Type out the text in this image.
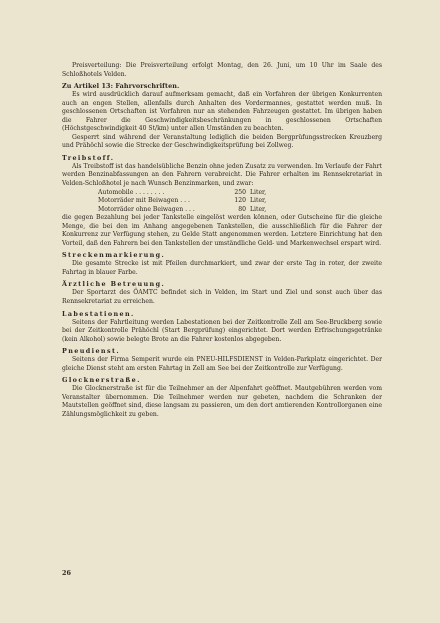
Preisverteilung: Die Preisverteilung erfolgt Montag, den 26. Juni, um 10 Uhr im Saale des Schloßhotels Velden.

Zu Artikel 13: Fahrvorschriften.

Es wird ausdrücklich darauf aufmerksam gemacht, daß ein Vorfahren der übrigen Konkurrenten auch an engen Stellen, allenfalls durch Anhalten des Vordermannes, gestattet werden muß. In geschlossenen Ortschaften ist Vorfahren nur an stehenden Fahrzeugen gestattet. Im übrigen haben die Fahrer die Geschwindigkeitsbeschränkungen in geschlossenen Ortschaften (Höchstgeschwindigkeit 40 St/km) unter allen Umständen zu beachten.

Gesperrt sind während der Veranstaltung lediglich die beiden Bergprüfungsstrecken Kreuzberg und Prähöchl sowie die Strecke der Geschwindigkeitsprüfung bei Zollweg.

Treibstoff.

Als Treibstoff ist das handelsübliche Benzin ohne jeden Zusatz zu verwenden. Im Verlaufe der Fahrt werden Benzinabfassungen an den Fahrern verabreicht. Die Fahrer erhalten im Rennsekretariat in Velden-Schloßhotel je nach Wunsch Benzinmarken, und zwar:

Automobile . . . . . . . .	250 Liter,
Motorräder mit Beiwagen . . .	120 Liter,
Motorräder ohne Beiwagen . . .	80 Liter,

die gegen Bezahlung bei jeder Tankstelle eingelöst werden können, oder Gutscheine für die gleiche Menge, die bei den im Anhang angegebenen Tankstellen, die ausschließlich für die Fahrer der Konkurrenz zur Verfügung stehen, zu Gelde Statt angenommen werden. Letztere Einrichtung hat den Vorteil, daß den Fahrern bei den Tankstellen der umständliche Geld- und Markenwechsel erspart wird.

Streckenmarkierung.

Die gesamte Strecke ist mit Pfeilen durchmarkiert, und zwar der erste Tag in roter, der zweite Fahrtag in blauer Farbe.

Ärztliche Betreuung.

Der Sportarzt des ÖAMTC befindet sich in Velden, im Start und Ziel und sonst auch über das Rennsekretariat zu erreichen.

Labestationen.

Seitens der Fahrtleitung werden Labestationen bei der Zeitkontrolle Zell am See-Bruckberg sowie bei der Zeitkontrolle Prähöchl (Start Bergprüfung) eingerichtet. Dort werden Erfrischungsgetränke (kein Alkohol) sowie belegte Brote an die Fahrer kostenlos abgegeben.

Pneudienst.

Seitens der Firma Semperit wurde ein PNEU-HILFSDIENST in Velden-Parkplatz eingerichtet. Der gleiche Dienst steht am ersten Fahrtag in Zell am See bei der Zeitkontrolle zur Verfügung.

Glocknerstraße.

Die Glocknerstraße ist für die Teilnehmer an der Alpenfahrt geöffnet. Mautgebühren werden vom Veranstalter übernommen. Die Teilnehmer werden nur gebeten, nachdem die Schranken der Mautstellen geöffnet sind, diese langsam zu passieren, um den dort amtierenden Kontrollorganen eine Zählungsmöglichkeit zu geben.

26
